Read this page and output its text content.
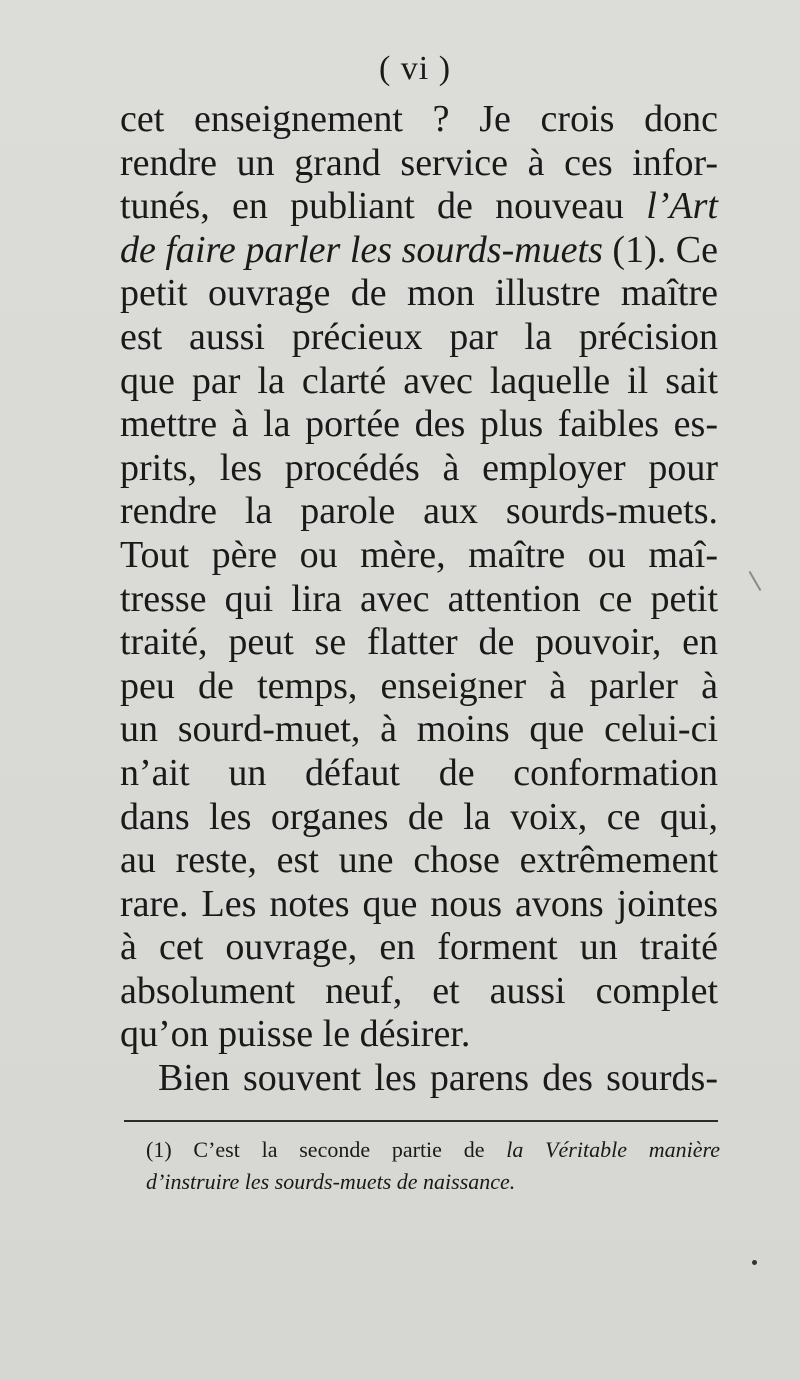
( vi )
cet enseignement ? Je crois donc
rendre un grand service à ces infor-
tunés, en publiant de nouveau l’Art
de faire parler les sourds-muets (1). Ce
petit ouvrage de mon illustre maître
est aussi précieux par la précision
que par la clarté avec laquelle il sait
mettre à la portée des plus faibles es-
prits, les procédés à employer pour
rendre la parole aux sourds-muets.
Tout père ou mère, maître ou maî-
tresse qui lira avec attention ce petit
traité, peut se flatter de pouvoir, en
peu de temps, enseigner à parler à
un sourd-muet, à moins que celui-ci
n’ait un défaut de conformation
dans les organes de la voix, ce qui,
au reste, est une chose extrêmement
rare. Les notes que nous avons jointes
à cet ouvrage, en forment un traité
absolument neuf, et aussi complet
qu’on puisse le désirer.
Bien souvent les parens des sourds-
(1) C’est la seconde partie de la Véritable manière
d’instruire les sourds-muets de naissance.
